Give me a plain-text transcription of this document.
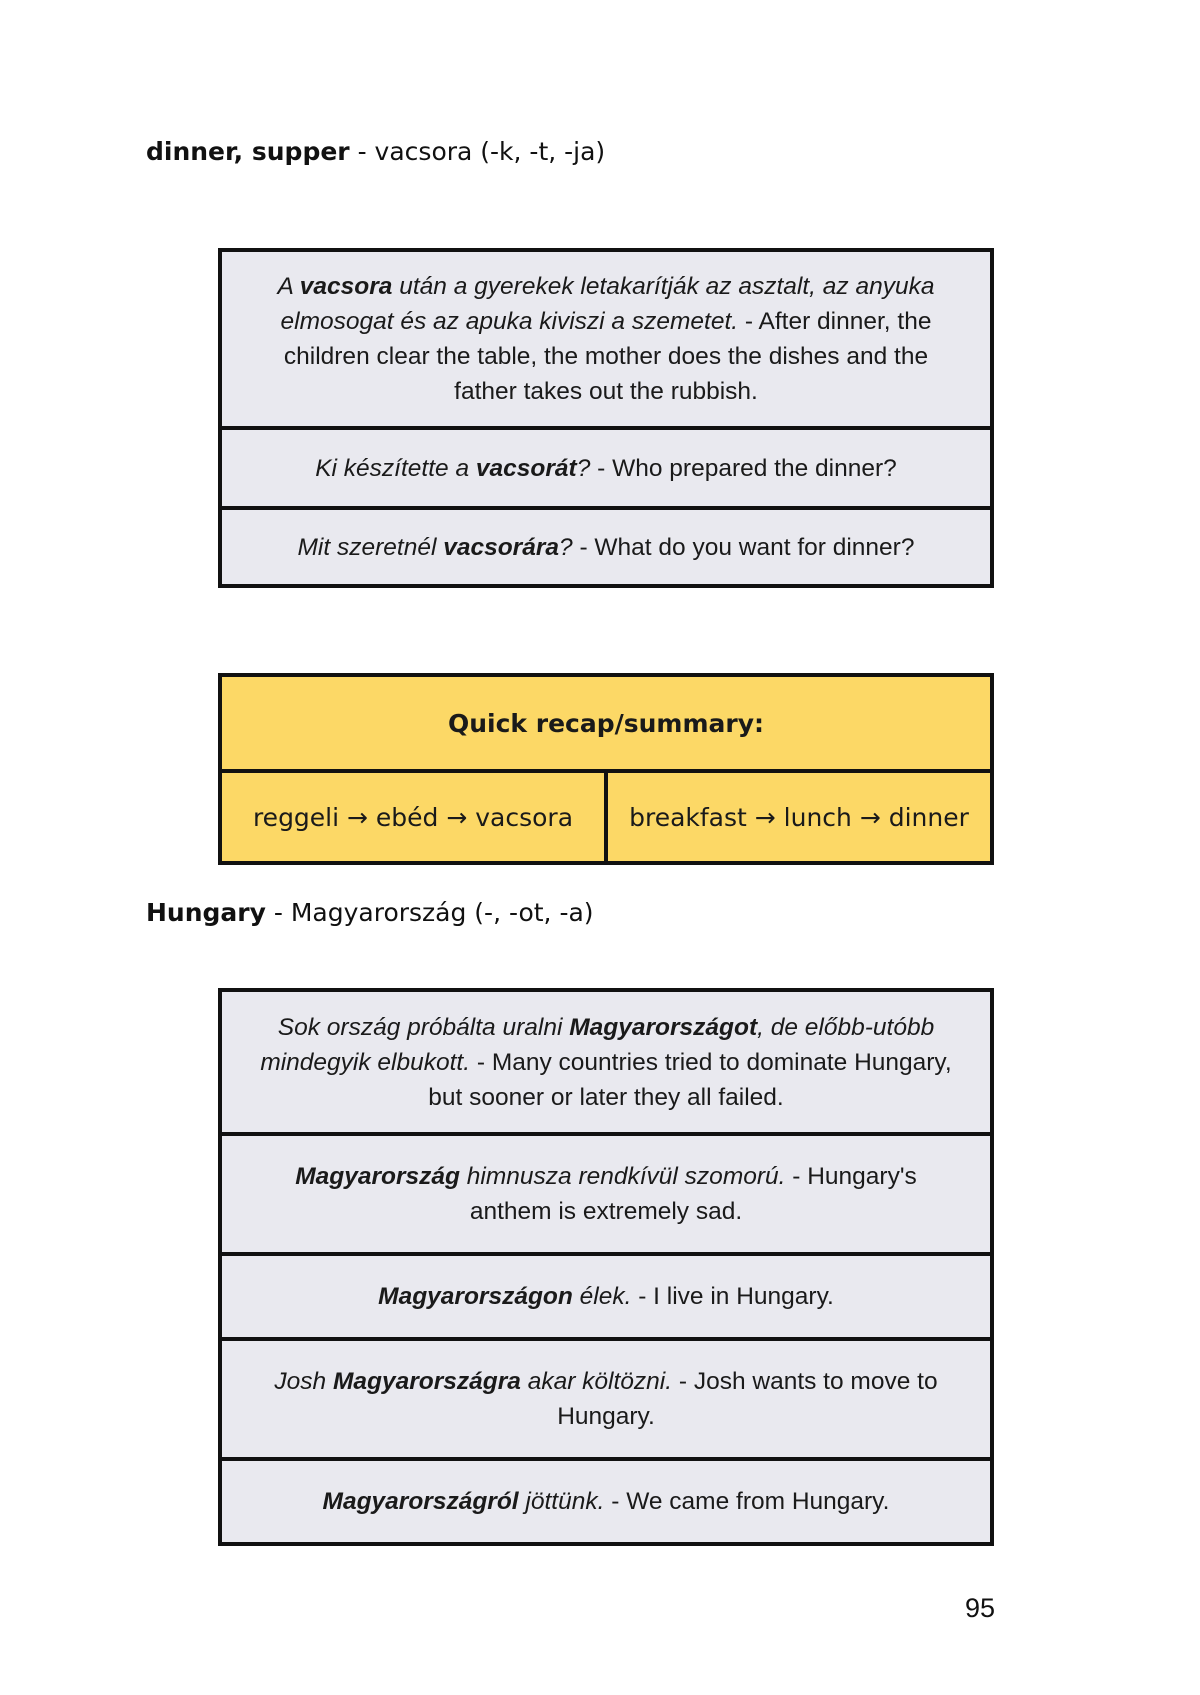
dinner, supper - vacsora (-k, -t, -ja)

A vacsora után a gyerekek letakarítják az asztalt, az anyuka elmosogat és az apuka kiviszi a szemetet. - After dinner, the children clear the table, the mother does the dishes and the father takes out the rubbish.

Ki készítette a vacsorát? - Who prepared the dinner?

Mit szeretnél vacsorára? - What do you want for dinner?

Quick recap/summary:
reggeli → ebéd → vacsora	breakfast → lunch → dinner
Hungary - Magyarország (-, -ot, -a)

Sok ország próbálta uralni Magyarországot, de előbb-utóbb mindegyik elbukott. - Many countries tried to dominate Hungary, but sooner or later they all failed.

Magyarország himnusza rendkívül szomorú. - Hungary's anthem is extremely sad.

Magyarországon élek. - I live in Hungary.

Josh Magyarországra akar költözni. - Josh wants to move to Hungary.

Magyarországról jöttünk. - We came from Hungary.

95
